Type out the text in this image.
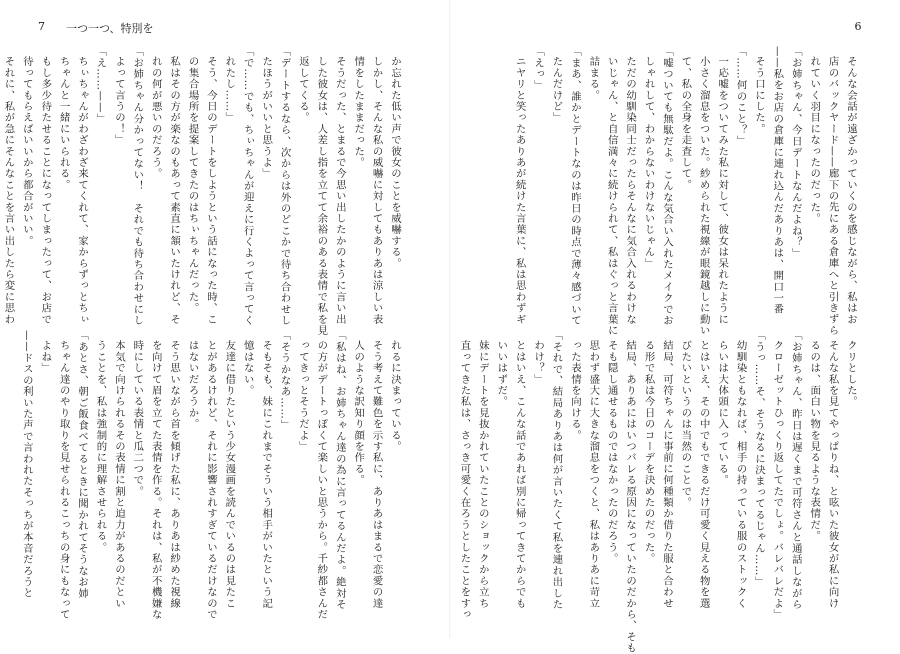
7 一つ一つ、特別を	6

そんな会話が遠ざかっていくのを感じながら、私はお

店のバックヤード——廊下の先にある倉庫へと引きずら

れていく羽目になったのだった。

「お姉ちゃん、今日デートなんだよね？」

——私をお店の倉庫に連れ込んだありあは、開口一番

そう口にした。

「……何のこと？」

一応嘘をついてみた私に対して、彼女は呆れたように

小さく溜息をついた。紗められた視線が眼鏡越しに動い

て、私の全身を走査して。

「嘘ついても無駄だよ。こんな気合い入れたメイクでお

しゃれして、わからないわけないじゃん」

ただの幼馴染同士だったらそんなに気合入れるわけな

いじゃん、と自信満々に続けられて、私はぐっと言葉に

詰まる。

「まあ、誰かとデートなのは昨日の時点で薄々感づいて

たんだけど」

「えっ」

ニヤリと笑ったありあが続けた言葉に、私は思わずギ

クリとした。

そんな私を見てやっぱりね、と呟いた彼女が私に向け

るのは、面白い物を見るような表情だ。

「お姉ちゃん、昨日は遅くまで可符さんと通話しながら

クローゼットひっくり返してたでしょ。バレバレだよ」

「うっ……そ、そうなるに決まってるじゃん……」

幼馴染ともなれば、相手の持っている服のストックく

らいは大体頭に入っている。

とはいえ、その中でもできるだけ可愛く見える物を選

びたいというのは当然のことで。

結局、可符ちゃんに事前に何種類か借りた服と合わせ

る形で私は今日のコーデを決めたのだった。

結局、ありあにはいつバレる原因になっていたのだから、そも

そも隠し通せるものではなかったのだろう。

思わず盛大に大きな溜息をつくと、私はありあに苛立

った表情を向ける。

「それで、結局ありあは何が言いたくて私を連れ出した

わけ？」

とはいえ、こんな話であれば別に帰ってきてからでも

いいはずだ。

妹にデートを見抜かれていたことのショックから立ち

直ってきた私は、さっき可愛く在ろうとしたことをすっ

か忘れた低い声で彼女のことを威嚇する。

しかし、そんな私の威嚇に対してもありあは涼しい表

情をしたままだった。

そうだった、とまるで今思い出したかのように言い出

した彼女は、人差し指を立てて余裕のある表情で私を見

返してくる。

「デートするなら、次からは外のどこかで待ち合わせし

たほうがいいと思うよ」

「で……でも、ちぃちゃんが迎えに行くよって言ってく

れたし……」

そう、今日のデートをしようという話になった時、こ

の集合場所を提案してきたのはちぃちゃんだった。

私はその方が楽なのもあって素直に頷いたけれど、そ

れの何が悪いのだろう。

「お姉ちゃん分かってない！　それでも待ち合わせにし

よって言うの！」

「え……——」

ちぃちゃんがわざわざ来てくれて、家からずっとちぃ

ちゃんと一緒にいられる。

もし多少待たせることになってしまったって、お店で

待ってもらえばいいから都合がいい。

それに、私が急にそんなことを言い出したら変に思わ

れるに決まっている。

そう考えて難色を示す私に、ありあはまるで恋愛の達

人のような訳知り顔を作る。

「私はね、お姉ちゃん達の為に言ってるんだよ。絶対そ

の方がデートっぽくて楽しいと思うから。千紗都さんだ

ってきっとそうだよ」

「そうかなあ……」

そもそも、妹にこれまでそういう相手がいたという記

憶はない。

友達に借りたという少女漫画を読んでいるのは見たこ

とがあるけれど、それに影響されすぎているだけなので

はないだろうか。

そう思いながら首を傾げた私に、ありあは紗めた視線

を向けて眉を立てた表情を作る。それは、私が不機嫌な

時にしている表情と瓜二つで。

本気で向けられるその表情に割と迫力があるのだとい

うことを、私は強制的に理解させられる。

「あとさ、朝ご飯食べてるときに聞かれてそうなお姉

ちゃん達のやり取りを見せられるこっちの身にもなって

よね」

——ドスの利いた声で言われたそっちが本音だろうと
